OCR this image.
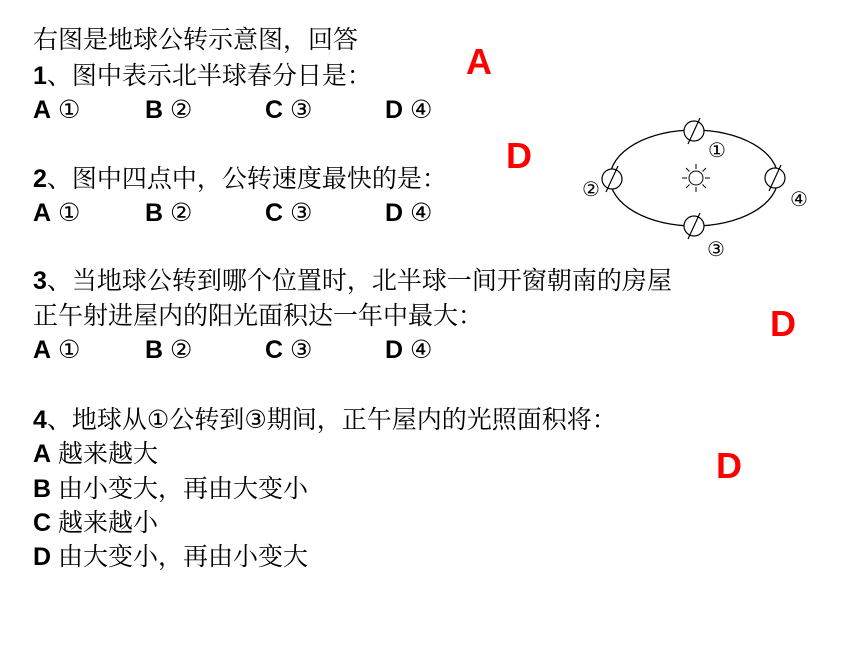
右图是地球公转示意图，回答
1、图中表示北半球春分日是：
A ①	B ②	C ③	D ④
A
2、图中四点中，公转速度最快的是：
A ①	B ②	C ③	D ④
D
3、当地球公转到哪个位置时，北半球一间开窗朝南的房屋
正午射进屋内的阳光面积达一年中最大：
A ①	B ②	C ③	D ④
D
4、地球从①公转到③期间，正午屋内的光照面积将：
A 越来越大
B 由小变大，再由大变小
C 越来越小
D 由大变小，再由小变大
D
①
②
③
④
